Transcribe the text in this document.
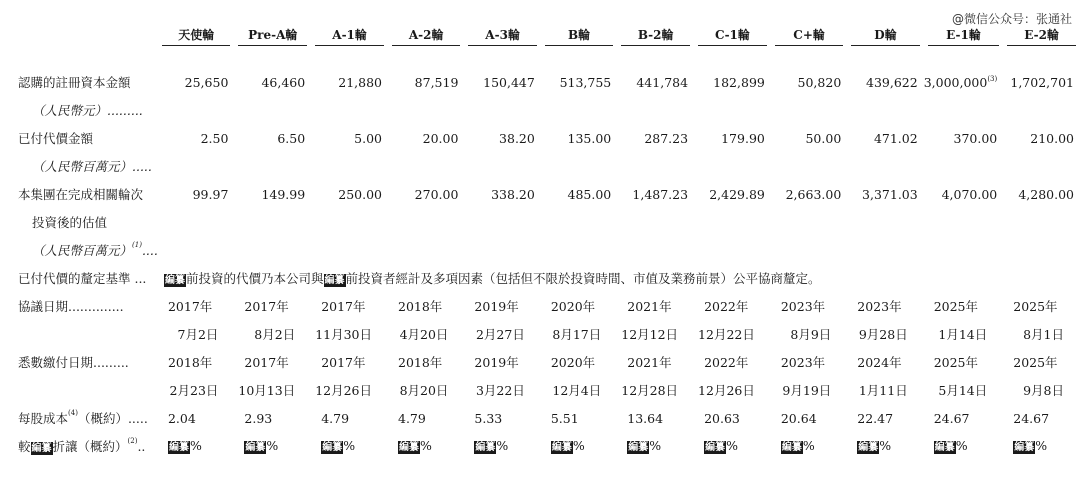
@微信公众号：张通社

	天使輪	Pre-A輪	A-1輪	A-2輪	A-3輪	B輪	B-2輪	C-1輪	C+輪	D輪	E-1輪	E-2輪

認購的註冊資本金額	25,650	46,460	21,880	87,519	150,447	513,755	441,784	182,899	50,820	439,622	3,000,000$^{(3)}$	1,702,701
（人民幣元）.........												
已付代價金額	2.50	6.50	5.00	20.00	38.20	135.00	287.23	179.90	50.00	471.02	370.00	210.00
（人民幣百萬元）.....												
本集團在完成相關輪次	99.97	149.99	250.00	270.00	338.20	485.00	1,487.23	2,429.89	2,663.00	3,371.03	4,070.00	4,280.00
投資後的估值												
（人民幣百萬元）$^{(1)}$....												
已付代價的釐定基準 ...	編纂前投資的代價乃本公司與編纂前投資者經計及多項因素（包括但不限於投資時間、市值及業務前景）公平協商釐定。											
協議日期..............	2017年	2017年	2017年	2018年	2019年	2020年	2021年	2022年	2023年	2023年	2025年	2025年
	7月2日	8月2日	11月30日	4月20日	2月27日	8月17日	12月12日	12月22日	8月9日	9月28日	1月14日	8月1日
悉數繳付日期.........	2018年	2017年	2017年	2018年	2019年	2020年	2021年	2022年	2023年	2024年	2025年	2025年
	2月23日	10月13日	12月26日	8月20日	3月22日	12月4日	12月28日	12月26日	9月19日	1月11日	5月14日	9月8日
每股成本$^{(4)}$（概約）.....	2.04	2.93	4.79	4.79	5.33	5.51	13.64	20.63	20.64	22.47	24.67	24.67
較編纂折讓（概約）$^{(2)}$..	編纂%	編纂%	編纂%	編纂%	編纂%	編纂%	編纂%	編纂%	編纂%	編纂%	編纂%	編纂%
